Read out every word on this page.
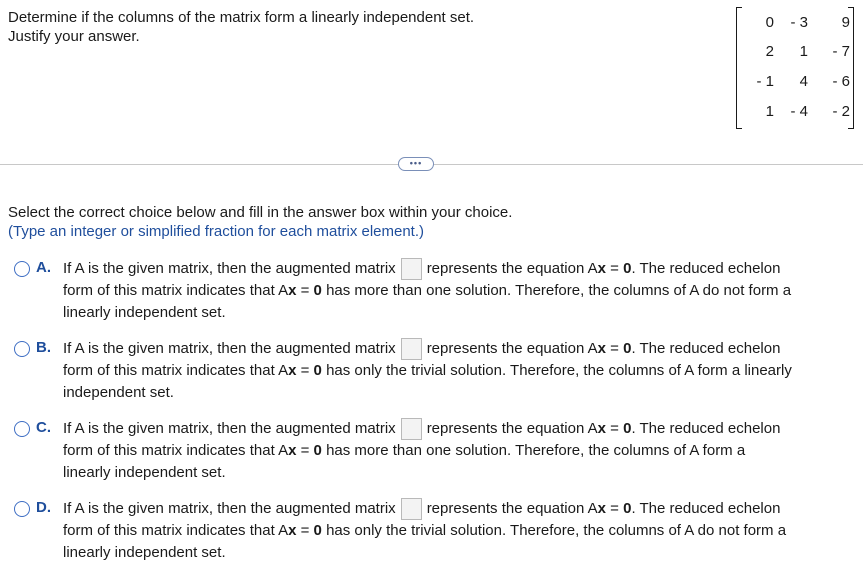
Determine if the columns of the matrix form a linearly independent set.
Justify your answer.
0	- 3	9
2	1	- 7
- 1	4	- 6
1	- 4	- 2
•••
Select the correct choice below and fill in the answer box within your choice.
(Type an integer or simplified fraction for each matrix element.)
A. If A is the given matrix, then the augmented matrix represents the equation Ax = 0. The reduced echelon
form of this matrix indicates that Ax = 0 has more than one solution. Therefore, the columns of A do not form a
linearly independent set.
B. If A is the given matrix, then the augmented matrix represents the equation Ax = 0. The reduced echelon
form of this matrix indicates that Ax = 0 has only the trivial solution. Therefore, the columns of A form a linearly
independent set.
C. If A is the given matrix, then the augmented matrix represents the equation Ax = 0. The reduced echelon
form of this matrix indicates that Ax = 0 has more than one solution. Therefore, the columns of A form a
linearly independent set.
D. If A is the given matrix, then the augmented matrix represents the equation Ax = 0. The reduced echelon
form of this matrix indicates that Ax = 0 has only the trivial solution. Therefore, the columns of A do not form a
linearly independent set.
